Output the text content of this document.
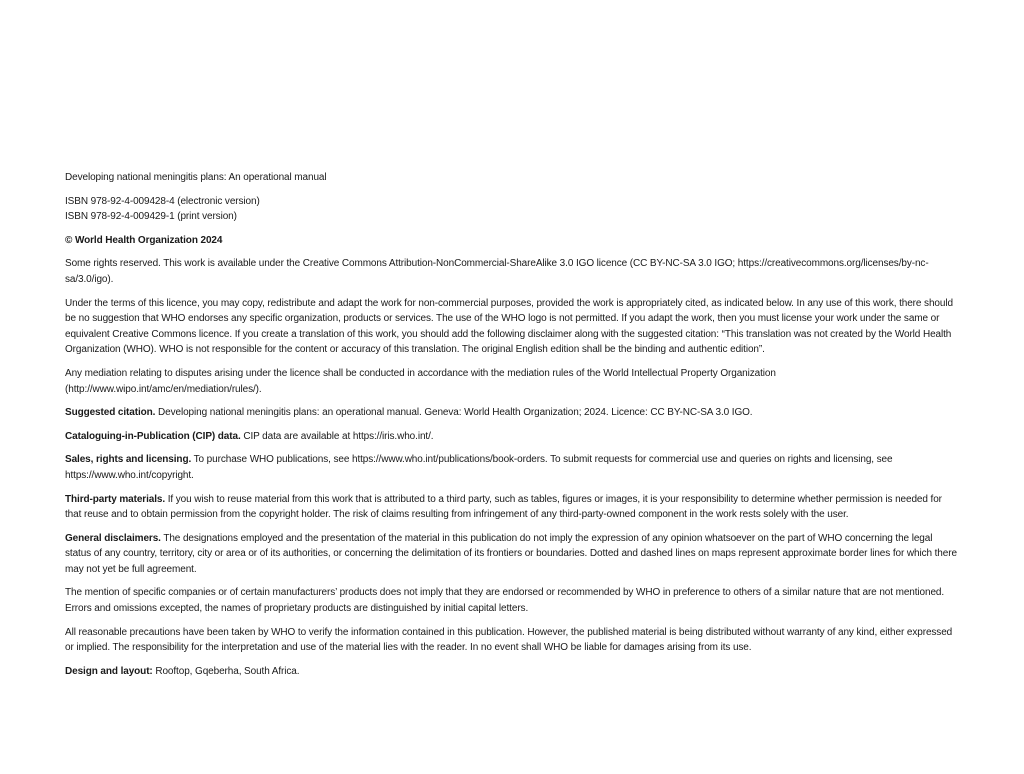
Developing national meningitis plans: An operational manual

ISBN 978-92-4-009428-4 (electronic version)
ISBN 978-92-4-009429-1 (print version)

© World Health Organization 2024

Some rights reserved. This work is available under the Creative Commons Attribution-NonCommercial-ShareAlike 3.0 IGO licence (CC BY-NC-SA 3.0 IGO; https://creativecommons.org/licenses/by-nc-sa/3.0/igo).

Under the terms of this licence, you may copy, redistribute and adapt the work for non-commercial purposes, provided the work is appropriately cited, as indicated below. In any use of this work, there should be no suggestion that WHO endorses any specific organization, products or services. The use of the WHO logo is not permitted. If you adapt the work, then you must license your work under the same or equivalent Creative Commons licence. If you create a translation of this work, you should add the following disclaimer along with the suggested citation: “This translation was not created by the World Health Organization (WHO). WHO is not responsible for the content or accuracy of this translation. The original English edition shall be the binding and authentic edition”.

Any mediation relating to disputes arising under the licence shall be conducted in accordance with the mediation rules of the World Intellectual Property Organization (http://www.wipo.int/amc/en/mediation/rules/).

Suggested citation. Developing national meningitis plans: an operational manual. Geneva: World Health Organization; 2024. Licence: CC BY-NC-SA 3.0 IGO.

Cataloguing-in-Publication (CIP) data. CIP data are available at https://iris.who.int/.

Sales, rights and licensing. To purchase WHO publications, see https://www.who.int/publications/book-orders. To submit requests for commercial use and queries on rights and licensing, see https://www.who.int/copyright.

Third-party materials. If you wish to reuse material from this work that is attributed to a third party, such as tables, figures or images, it is your responsibility to determine whether permission is needed for that reuse and to obtain permission from the copyright holder. The risk of claims resulting from infringement of any third-party-owned component in the work rests solely with the user.

General disclaimers. The designations employed and the presentation of the material in this publication do not imply the expression of any opinion whatsoever on the part of WHO concerning the legal status of any country, territory, city or area or of its authorities, or concerning the delimitation of its frontiers or boundaries. Dotted and dashed lines on maps represent approximate border lines for which there may not yet be full agreement.

The mention of specific companies or of certain manufacturers’ products does not imply that they are endorsed or recommended by WHO in preference to others of a similar nature that are not mentioned. Errors and omissions excepted, the names of proprietary products are distinguished by initial capital letters.

All reasonable precautions have been taken by WHO to verify the information contained in this publication. However, the published material is being distributed without warranty of any kind, either expressed or implied. The responsibility for the interpretation and use of the material lies with the reader. In no event shall WHO be liable for damages arising from its use.

Design and layout: Rooftop, Gqeberha, South Africa.
